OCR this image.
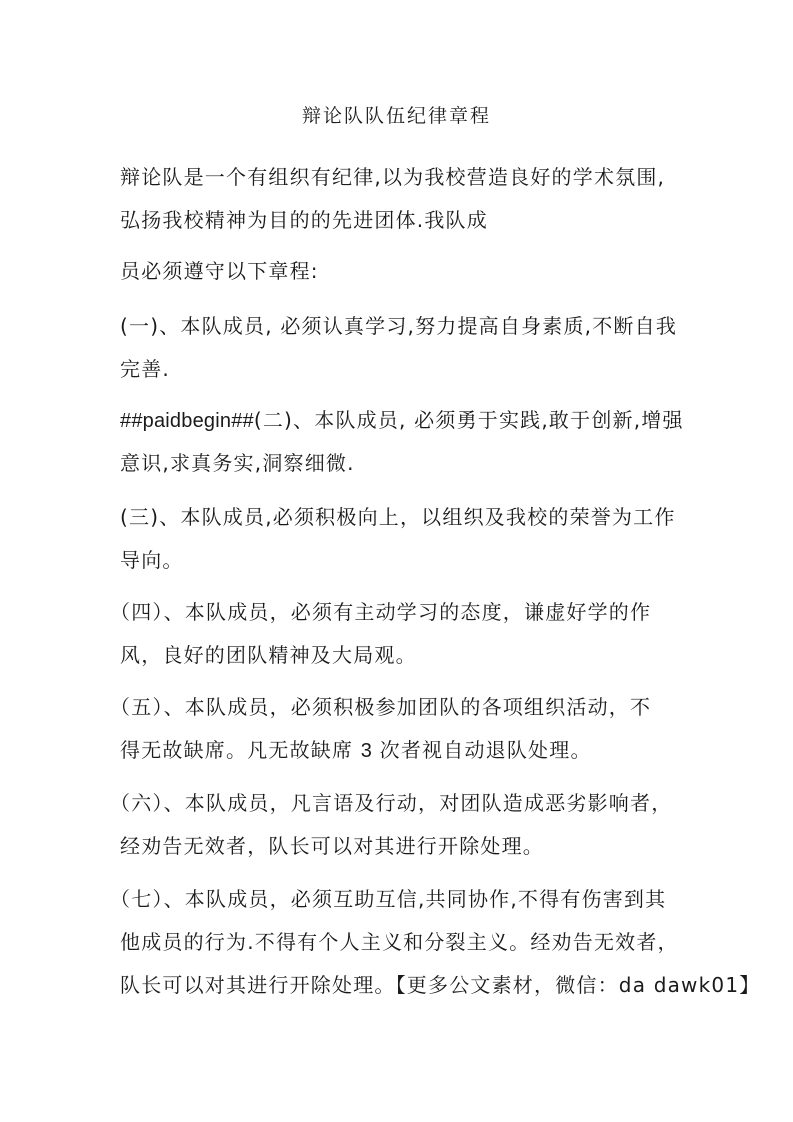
辩论队队伍纪律章程

辩论队是一个有组织有纪律,以为我校营造良好的学术氛围,
弘扬我校精神为目的的先进团体.我队成

员必须遵守以下章程:

(一)、本队成员, 必须认真学习,努力提高自身素质,不断自我
完善.

##paidbegin##(二)、本队成员, 必须勇于实践,敢于创新,增强
意识,求真务实,洞察细微.

(三)、本队成员,必须积极向上，以组织及我校的荣誉为工作
导向。

（四）、本队成员，必须有主动学习的态度，谦虚好学的作
风，良好的团队精神及大局观。

（五）、本队成员，必须积极参加团队的各项组织活动，不
得无故缺席。凡无故缺席 3 次者视自动退队处理。

（六）、本队成员，凡言语及行动，对团队造成恶劣影响者，
经劝告无效者，队长可以对其进行开除处理。

（七）、本队成员，必须互助互信,共同协作,不得有伤害到其
他成员的行为.不得有个人主义和分裂主义。经劝告无效者，
队长可以对其进行开除处理。【更多公文素材，微信：da dawk01】
